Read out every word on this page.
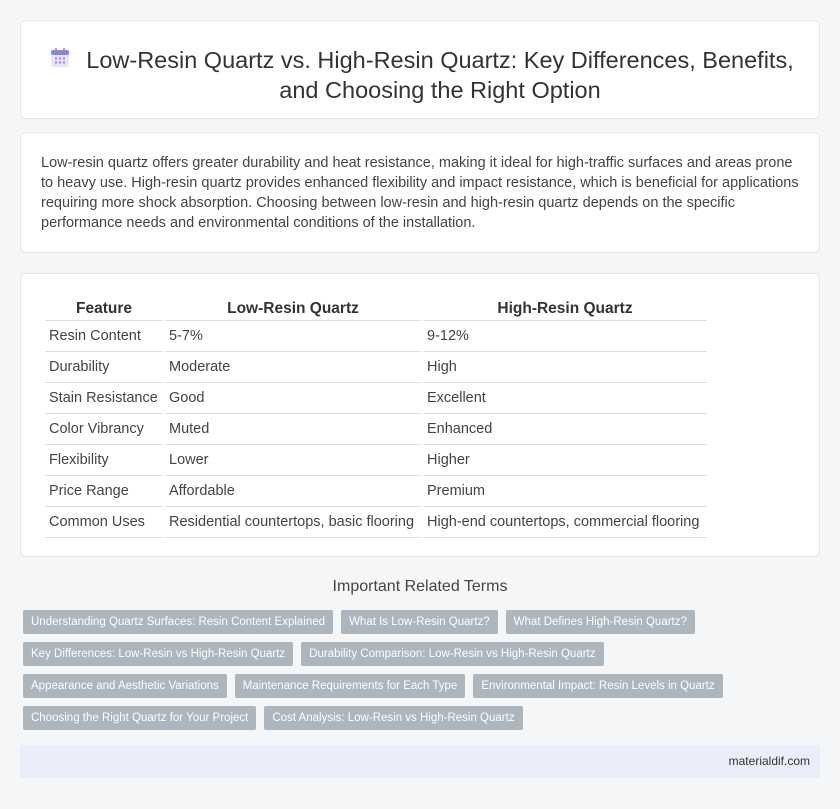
Low-Resin Quartz vs. High-Resin Quartz: Key Differences, Benefits, and Choosing the Right Option

Low-resin quartz offers greater durability and heat resistance, making it ideal for high-traffic surfaces and areas prone to heavy use. High-resin quartz provides enhanced flexibility and impact resistance, which is beneficial for applications requiring more shock absorption. Choosing between low-resin and high-resin quartz depends on the specific performance needs and environmental conditions of the installation.

Feature	Low-Resin Quartz	High-Resin Quartz
Resin Content	5-7%	9-12%
Durability	Moderate	High
Stain Resistance	Good	Excellent
Color Vibrancy	Muted	Enhanced
Flexibility	Lower	Higher
Price Range	Affordable	Premium
Common Uses	Residential countertops, basic flooring	High-end countertops, commercial flooring
Important Related Terms
Understanding Quartz Surfaces: Resin Content Explained	What Is Low-Resin Quartz?	What Defines High-Resin Quartz?
Key Differences: Low-Resin vs High-Resin Quartz	Durability Comparison: Low-Resin vs High-Resin Quartz
Appearance and Aesthetic Variations	Maintenance Requirements for Each Type	Environmental Impact: Resin Levels in Quartz
Choosing the Right Quartz for Your Project	Cost Analysis: Low-Resin vs High-Resin Quartz
materialdif.com
